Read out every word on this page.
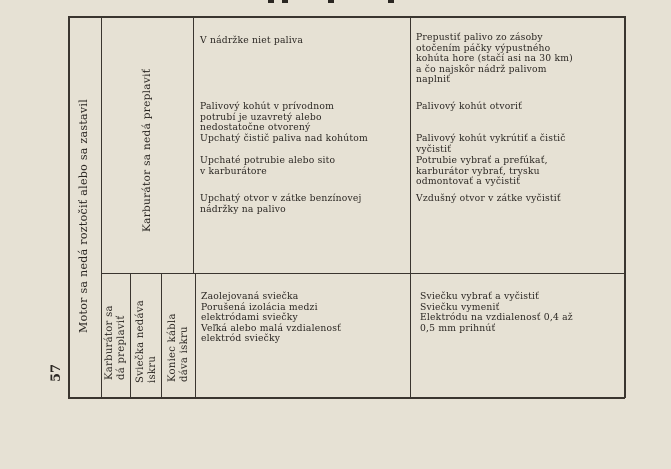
Motor sa nedá roztočiť alebo sa zastavil	Karburátor sa nedá preplaviť
Karburátor sa
dá preplaviť Sviečka nedáva
iskru Koniec kábla
dáva iskru
V nádržke niet paliva
Palivový kohút v prívodnom
potrubí je uzavretý alebo
nedostatočne otvorený
Upchatý čistič paliva nad kohútom
Upchaté potrubie alebo sito
v karburátore
Upchatý otvor v zátke benzínovej
nádržky na palivo
Prepustiť palivo zo zásoby
otočením páčky výpustného
kohúta hore (stačí asi na 30 km)
a čo najskôr nádrž palivom
naplniť
Palivový kohút otvoriť
Palivový kohút vykrútiť a čistič
vyčistiť
Potrubie vybrať a prefúkať,
karburátor vybrať, trysku
odmontovať a vyčistiť
Vzdušný otvor v zátke vyčistiť
Zaolejovaná sviečka
Porušená izolácia medzi
elektródami sviečky
Veľká alebo malá vzdialenosť
elektród sviečky
Sviečku vybrať a vyčistiť
Sviečku vymeniť
Elektródu na vzdialenosť 0,4 až
0,5 mm prihnúť
57
